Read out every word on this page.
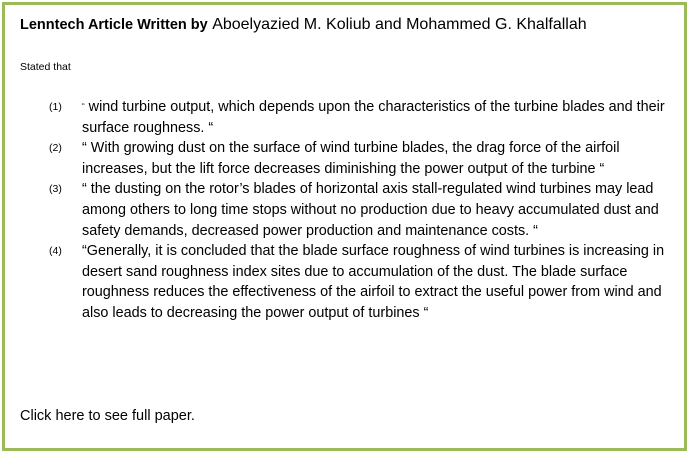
Lenntech Article Written by Aboelyazied M. Koliub and Mohammed G. Khalfallah
Stated that
(1)	“ wind turbine output, which depends upon the characteristics of the turbine blades and their surface roughness. “
(2) “ With growing dust on the surface of wind turbine blades, the drag force of the airfoil increases, but the lift force decreases diminishing the power output of the turbine “
(3) “ the dusting on the rotor’s blades of horizontal axis stall-regulated wind turbines may lead among others to long time stops without no production due to heavy accumulated dust and safety demands, decreased power production and maintenance costs. “
(4) “Generally, it is concluded that the blade surface roughness of wind turbines is increasing in desert sand roughness index sites due to accumulation of the dust. The blade surface roughness reduces the effectiveness of the airfoil to extract the useful power from wind and also leads to decreasing the power output of turbines “
Click here to see full paper.
